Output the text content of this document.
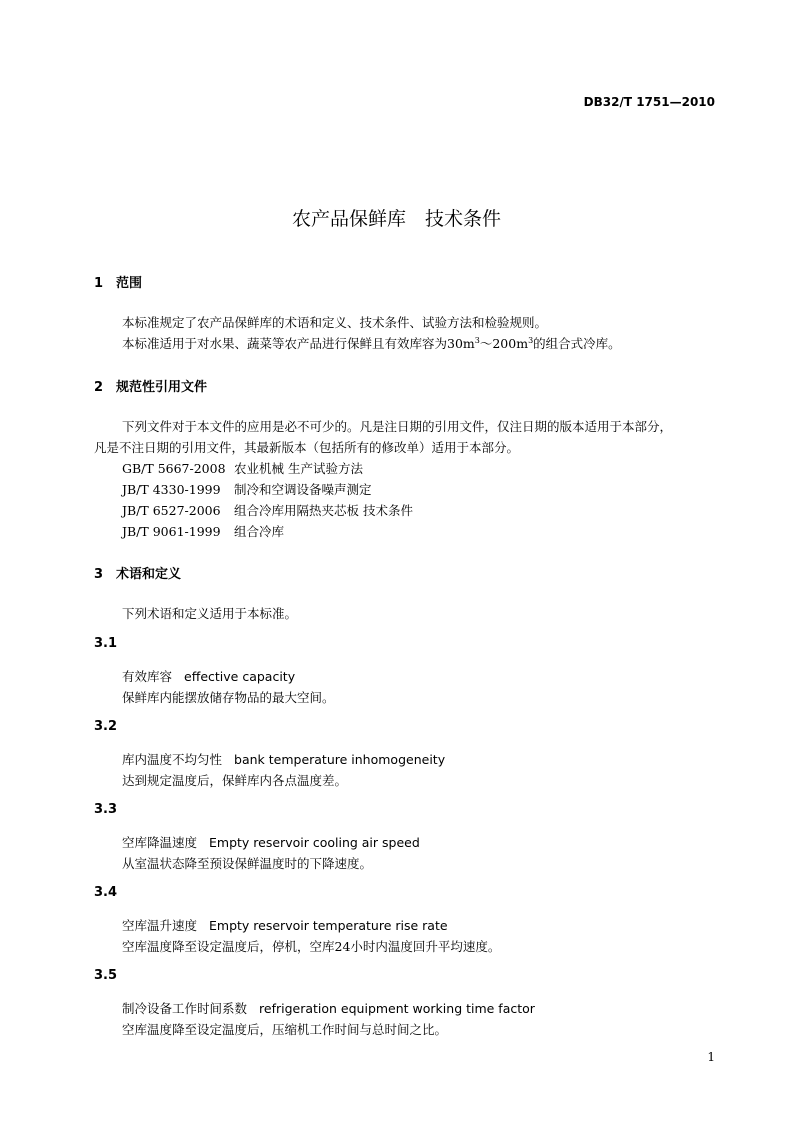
DB32/T 1751—2010
农产品保鲜库　技术条件
1 范围
本标准规定了农产品保鲜库的术语和定义、技术条件、试验方法和检验规则。
本标准适用于对水果、蔬菜等农产品进行保鲜且有效库容为$30m^3\sim 200m^3$的组合式冷库。
2 规范性引用文件
下列文件对于本文件的应用是必不可少的。凡是注日期的引用文件，仅注日期的版本适用于本部分，
凡是不注日期的引用文件，其最新版本（包括所有的修改单）适用于本部分。
GB/T 5667-2008 农业机械 生产试验方法
JB/T 4330-1999 制冷和空调设备噪声测定
JB/T 6527-2006 组合冷库用隔热夹芯板 技术条件
JB/T 9061-1999 组合冷库
3 术语和定义
下列术语和定义适用于本标准。
3.1
有效库容 effective capacity
保鲜库内能摆放储存物品的最大空间。
3.2
库内温度不均匀性 bank temperature inhomogeneity
达到规定温度后，保鲜库内各点温度差。
3.3
空库降温速度 Empty reservoir cooling air speed
从室温状态降至预设保鲜温度时的下降速度。
3.4
空库温升速度 Empty reservoir temperature rise rate
空库温度降至设定温度后，停机，空库24小时内温度回升平均速度。
3.5
制冷设备工作时间系数 refrigeration equipment working time factor
空库温度降至设定温度后，压缩机工作时间与总时间之比。
1
